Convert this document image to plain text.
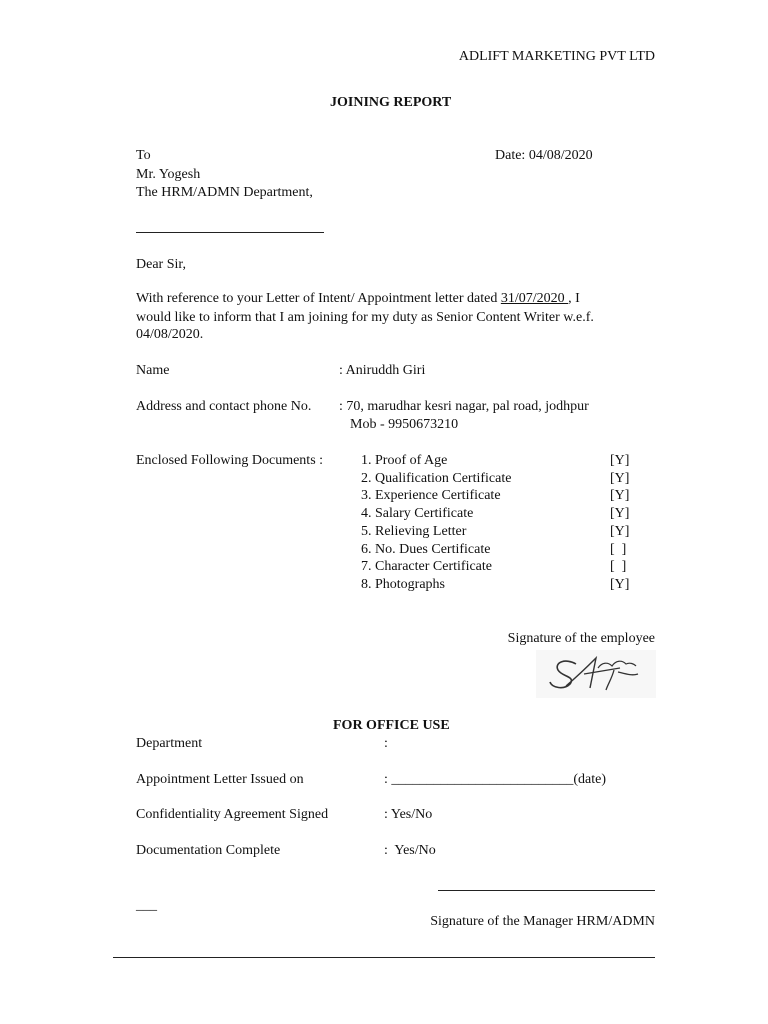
ADLIFT MARKETING PVT LTD
JOINING REPORT
To	Date: 04/08/2020
Mr. Yogesh
The HRM/ADMN Department,
Dear Sir,
With reference to your Letter of Intent/ Appointment letter dated 31/07/2020 , I
would like to inform that I am joining for my duty as Senior Content Writer w.e.f.
04/08/2020.
Name	: Aniruddh Giri
Address and contact phone No. : 70, marudhar kesri nagar, pal road, jodhpur
Mob - 9950673210
Enclosed Following Documents :	1. Proof of Age	[Y]
2. Qualification Certificate	[Y]
3. Experience Certificate	[Y]
4. Salary Certificate	[Y]
5. Relieving Letter	[Y]
6. No. Dues Certificate	[  ]
7. Character Certificate	[  ]
8. Photographs	[Y]
Signature of the employee
FOR OFFICE USE
Department	:
Appointment Letter Issued on	: __________________________(date)
Confidentiality Agreement Signed	: Yes/No
Documentation Complete	:  Yes/No
___
Signature of the Manager HRM/ADMN
